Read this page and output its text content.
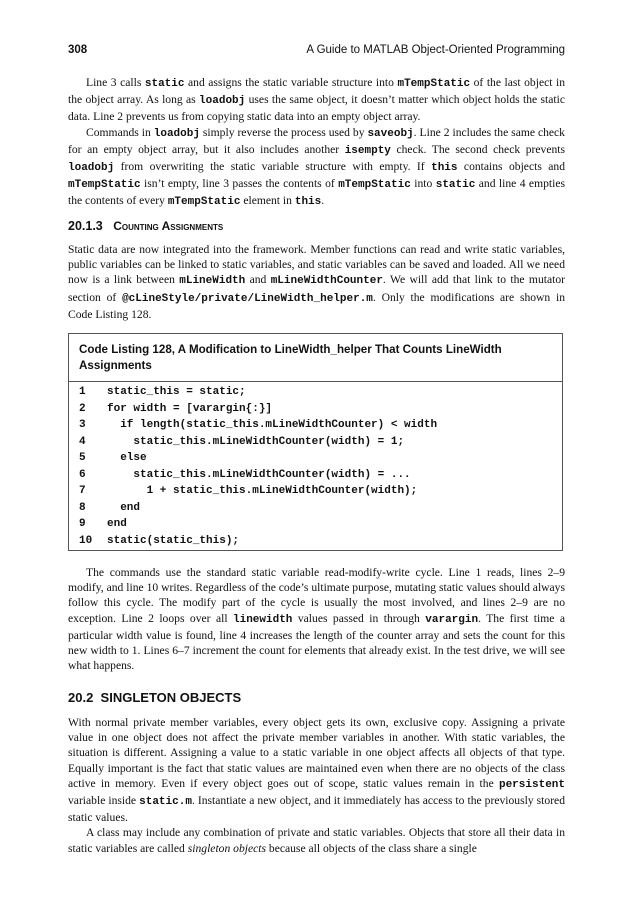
308	A Guide to MATLAB Object-Oriented Programming

Line 3 calls static and assigns the static variable structure into mTempStatic of the last object in the object array. As long as loadobj uses the same object, it doesn’t matter which object holds the static data. Line 2 prevents us from copying static data into an empty object array.

Commands in loadobj simply reverse the process used by saveobj. Line 2 includes the same check for an empty object array, but it also includes another isempty check. The second check prevents loadobj from overwriting the static variable structure with empty. If this contains objects and mTempStatic isn’t empty, line 3 passes the contents of mTempStatic into static and line 4 empties the contents of every mTempStatic element in this.

20.1.3 Counting Assignments

Static data are now integrated into the framework. Member functions can read and write static variables, public variables can be linked to static variables, and static variables can be saved and loaded. All we need now is a link between mLineWidth and mLineWidthCounter. We will add that link to the mutator section of @cLineStyle/private/LineWidth_helper.m. Only the modifications are shown in Code Listing 128.

Code Listing 128, A Modification to LineWidth_helper That Counts LineWidth Assignments
1 static_this = static;
2 for width = [varargin{:}]
3  if length(static_this.mLineWidthCounter) < width
4    static_this.mLineWidthCounter(width) = 1;
5  else
6    static_this.mLineWidthCounter(width) = ...
7      1 + static_this.mLineWidthCounter(width);
8  end
9 end
10 static(static_this);

The commands use the standard static variable read-modify-write cycle. Line 1 reads, lines 2–9 modify, and line 10 writes. Regardless of the code’s ultimate purpose, mutating static values should always follow this cycle. The modify part of the cycle is usually the most involved, and lines 2–9 are no exception. Line 2 loops over all linewidth values passed in through varargin. The first time a particular width value is found, line 4 increases the length of the counter array and sets the count for this new width to 1. Lines 6–7 increment the count for elements that already exist. In the test drive, we will see what happens.

20.2 SINGLETON OBJECTS

With normal private member variables, every object gets its own, exclusive copy. Assigning a private value in one object does not affect the private member variables in another. With static variables, the situation is different. Assigning a value to a static variable in one object affects all objects of that type. Equally important is the fact that static values are maintained even when there are no objects of the class active in memory. Even if every object goes out of scope, static values remain in the persistent variable inside static.m. Instantiate a new object, and it immediately has access to the previously stored static values.

A class may include any combination of private and static variables. Objects that store all their data in static variables are called singleton objects because all objects of the class share a single
